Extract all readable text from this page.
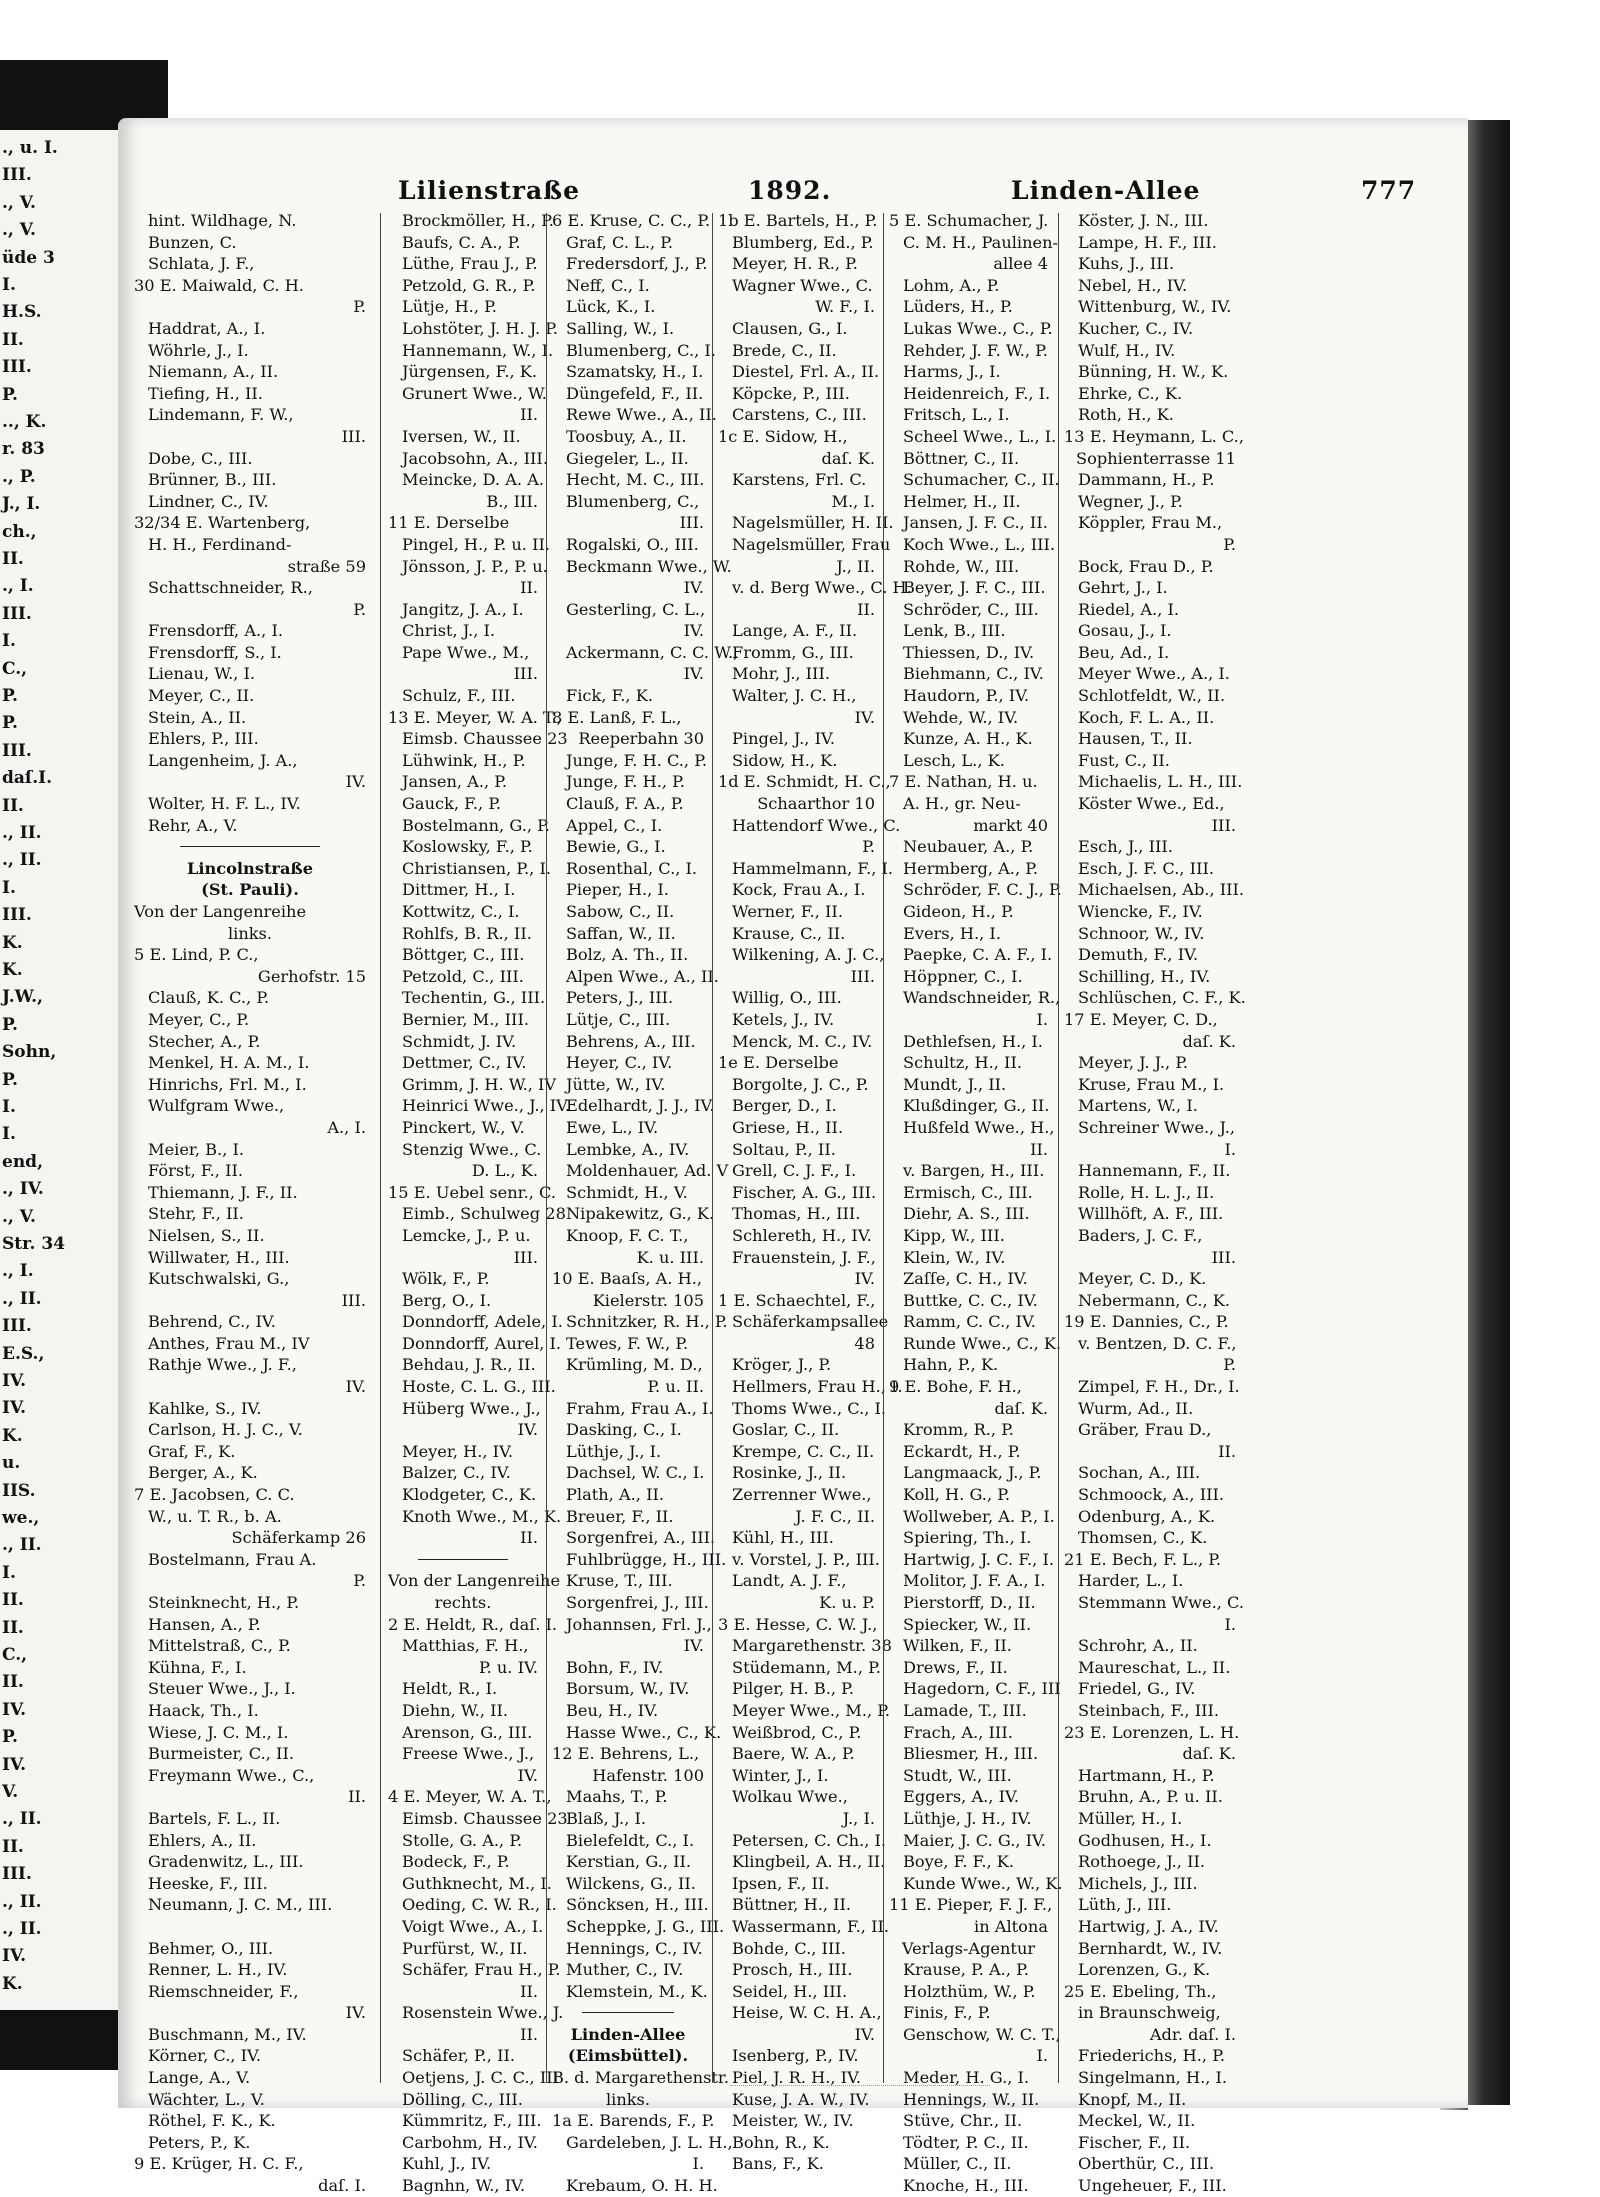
., u. I.
III.
., V.
., V.
üde 3
I.
H.S.
II.
III.
P.
.., K.
r. 83
., P.
J., I.
ch.,
II.
., I.
III.
I.
C.,
P.
P.
III.
daſ.I.
II.
., II.
., II.
I.
III.
K.
K.
J.W.,
P.
Sohn,
P.
I.
I.
end,
., IV.
., V.
Str. 34
., I.
., II.
III.
E.S.,
IV.
IV.
K.
u.
IIS.
we.,
., II.
I.
II.
II.
C.,
II.
IV.
P.
IV.
V.
., II.
II.
III.
., II.
., II.
IV.
K.
Lilienstraße	1892.	Linden-Allee	777
hint. Wildhage, N.
Bunzen, C.
Schlata, J. F.,
30 E. Maiwald, C. H.
P.
Haddrat, A., I.
Wöhrle, J., I.
Niemann, A., II.
Tiefing, H., II.
Lindemann, F. W.,
III.
Dobe, C., III.
Brünner, B., III.
Lindner, C., IV.
32/34 E. Wartenberg,
H. H., Ferdinand-
straße 59
Schattschneider, R.,
P.
Frensdorff, A., I.
Frensdorff, S., I.
Lienau, W., I.
Meyer, C., II.
Stein, A., II.
Ehlers, P., III.
Langenheim, J. A.,
IV.
Wolter, H. F. L., IV.
Rehr, A., V.
Lincolnstraße
(St. Pauli).
Von der Langenreihe
links.
5 E. Lind, P. C.,
Gerhofstr. 15
Clauß, K. C., P.
Meyer, C., P.
Stecher, A., P.
Menkel, H. A. M., I.
Hinrichs, Frl. M., I.
Wulfgram Wwe.,
A., I.
Meier, B., I.
Först, F., II.
Thiemann, J. F., II.
Stehr, F., II.
Nielsen, S., II.
Willwater, H., III.
Kutschwalski, G.,
III.
Behrend, C., IV.
Anthes, Frau M., IV
Rathje Wwe., J. F.,
IV.
Kahlke, S., IV.
Carlson, H. J. C., V.
Graf, F., K.
Berger, A., K.
7 E. Jacobsen, C. C.
W., u. T. R., b. A.
Schäferkamp 26
Bostelmann, Frau A.
P.
Steinknecht, H., P.
Hansen, A., P.
Mittelstraß, C., P.
Kühna, F., I.
Steuer Wwe., J., I.
Haack, Th., I.
Wiese, J. C. M., I.
Burmeister, C., II.
Freymann Wwe., C.,
II.
Bartels, F. L., II.
Ehlers, A., II.
Gradenwitz, L., III.
Heeske, F., III.
Neumann, J. C. M., III.
Behmer, O., III.
Renner, L. H., IV.
Riemschneider, F.,
IV.
Buschmann, M., IV.
Körner, C., IV.
Lange, A., V.
Wächter, L., V.
Röthel, F. K., K.
Peters, P., K.
9 E. Krüger, H. C. F.,
daſ. I.
Brockmöller, H., P.
Baufs, C. A., P.
Lüthe, Frau J., P.
Petzold, G. R., P.
Lütje, H., P.
Lohstöter, J. H. J. P.
Hannemann, W., I.
Jürgensen, F., K.
Grunert Wwe., W.
II.
Iversen, W., II.
Jacobsohn, A., III.
Meincke, D. A. A.
B., III.
11 E. Derselbe
Pingel, H., P. u. II.
Jönsson, J. P., P. u.
II.
Jangitz, J. A., I.
Christ, J., I.
Pape Wwe., M.,
III.
Schulz, F., III.
13 E. Meyer, W. A. T.,
Eimsb. Chaussee 23
Lühwink, H., P.
Jansen, A., P.
Gauck, F., P.
Bostelmann, G., P.
Koslowsky, F., P.
Christiansen, P., I.
Dittmer, H., I.
Kottwitz, C., I.
Rohlfs, B. R., II.
Böttger, C., III.
Petzold, C., III.
Techentin, G., III.
Bernier, M., III.
Schmidt, J. IV.
Dettmer, C., IV.
Grimm, J. H. W., IV
Heinrici Wwe., J., IV.
Pinckert, W., V.
Stenzig Wwe., C.
D. L., K.
15 E. Uebel senr., C.
Eimb., Schulweg 28
Lemcke, J., P. u.
III.
Wölk, F., P.
Berg, O., I.
Donndorff, Adele, I.
Donndorff, Aurel, I.
Behdau, J. R., II.
Hoste, C. L. G., III.
Hüberg Wwe., J.,
IV.
Meyer, H., IV.
Balzer, C., IV.
Klodgeter, C., K.
Knoth Wwe., M., K.
II.
Von der Langenreihe
rechts.
2 E. Heldt, R., daſ. I.
Matthias, F. H.,
P. u. IV.
Heldt, R., I.
Diehn, W., II.
Arenson, G., III.
Freese Wwe., J.,
IV.
4 E. Meyer, W. A. T.,
Eimsb. Chaussee 23
Stolle, G. A., P.
Bodeck, F., P.
Guthknecht, M., I.
Oeding, C. W. R., I.
Voigt Wwe., A., I.
Purfürst, W., II.
Schäfer, Frau H., P.
II.
Rosenstein Wwe., J.
II.
Schäfer, P., II.
Oetjens, J. C. C., III
Dölling, C., III.
Kümmritz, F., III.
Carbohm, H., IV.
Kuhl, J., IV.
Bagnhn, W., IV.
6 E. Kruse, C. C., P.
Graf, C. L., P.
Fredersdorf, J., P.
Neff, C., I.
Lück, K., I.
Salling, W., I.
Blumenberg, C., I.
Szamatsky, H., I.
Düngefeld, F., II.
Rewe Wwe., A., II.
Toosbuy, A., II.
Giegeler, L., II.
Hecht, M. C., III.
Blumenberg, C.,
III.
Rogalski, O., III.
Beckmann Wwe., W.
IV.
Gesterling, C. L.,
IV.
Ackermann, C. C. W.,
IV.
Fick, F., K.
8 E. Lanß, F. L.,
Reeperbahn 30
Junge, F. H. C., P.
Junge, F. H., P.
Clauß, F. A., P.
Appel, C., I.
Bewie, G., I.
Rosenthal, C., I.
Pieper, H., I.
Sabow, C., II.
Saffan, W., II.
Bolz, A. Th., II.
Alpen Wwe., A., II.
Peters, J., III.
Lütje, C., III.
Behrens, A., III.
Heyer, C., IV.
Jütte, W., IV.
Edelhardt, J. J., IV.
Ewe, L., IV.
Lembke, A., IV.
Moldenhauer, Ad. V
Schmidt, H., V.
Nipakewitz, G., K.
Knoop, F. C. T.,
K. u. III.
10 E. Baaſs, A. H.,
Kielerstr. 105
Schnitzker, R. H., P.
Tewes, F. W., P.
Krümling, M. D.,
P. u. II.
Frahm, Frau A., I.
Dasking, C., I.
Lüthje, J., I.
Dachsel, W. C., I.
Plath, A., II.
Breuer, F., II.
Sorgenfrei, A., III.
Fuhlbrügge, H., III.
Kruse, T., III.
Sorgenfrei, J., III.
Johannsen, Frl. J.,
IV.
Bohn, F., IV.
Borsum, W., IV.
Beu, H., IV.
Hasse Wwe., C., K.
12 E. Behrens, L.,
Hafenstr. 100
Maahs, T., P.
Blaß, J., I.
Bielefeldt, C., I.
Kerstian, G., II.
Wilckens, G., II.
Söncksen, H., III.
Scheppke, J. G., III.
Hennings, C., IV.
Muther, C., IV.
Klemstein, M., K.
Linden-Allee
(Eimsbüttel).
B. d. Margarethenstr.
links.
1a E. Barends, F., P.
Gardeleben, J. L. H.,
I.
Krebaum, O. H. H.
1b E. Bartels, H., P.
Blumberg, Ed., P.
Meyer, H. R., P.
Wagner Wwe., C.
W. F., I.
Clausen, G., I.
Brede, C., II.
Diestel, Frl. A., II.
Köpcke, P., III.
Carstens, C., III.
1c E. Sidow, H.,
daſ. K.
Karstens, Frl. C.
M., I.
Nagelsmüller, H. II.
Nagelsmüller, Frau
J., II.
v. d. Berg Wwe., C. H.
II.
Lange, A. F., II.
Fromm, G., III.
Mohr, J., III.
Walter, J. C. H.,
IV.
Pingel, J., IV.
Sidow, H., K.
1d E. Schmidt, H. C.,
Schaarthor 10
Hattendorf Wwe., C.
P.
Hammelmann, F., I.
Kock, Frau A., I.
Werner, F., II.
Krause, C., II.
Wilkening, A. J. C.,
III.
Willig, O., III.
Ketels, J., IV.
Menck, M. C., IV.
1e E. Derselbe
Borgolte, J. C., P.
Berger, D., I.
Griese, H., II.
Soltau, P., II.
Grell, C. J. F., I.
Fischer, A. G., III.
Thomas, H., III.
Schlereth, H., IV.
Frauenstein, J. F.,
IV.
1 E. Schaechtel, F.,
Schäferkampsallee
48
Kröger, J., P.
Hellmers, Frau H., I.
Thoms Wwe., C., I.
Goslar, C., II.
Krempe, C. C., II.
Rosinke, J., II.
Zerrenner Wwe.,
J. F. C., II.
Kühl, H., III.
v. Vorstel, J. P., III.
Landt, A. J. F.,
K. u. P.
3 E. Hesse, C. W. J.,
Margarethenstr. 38
Stüdemann, M., P.
Pilger, H. B., P.
Meyer Wwe., M., P.
Weißbrod, C., P.
Baere, W. A., P.
Winter, J., I.
Wolkau Wwe.,
J., I.
Petersen, C. Ch., I.
Klingbeil, A. H., II.
Ipsen, F., II.
Büttner, H., II.
Wassermann, F., II.
Bohde, C., III.
Prosch, H., III.
Seidel, H., III.
Heise, W. C. H. A.,
IV.
Isenberg, P., IV.
Piel, J. R. H., IV.
Kuse, J. A. W., IV.
Meister, W., IV.
Bohn, R., K.
Bans, F., K.
5 E. Schumacher, J.
C. M. H., Paulinen-
allee 4
Lohm, A., P.
Lüders, H., P.
Lukas Wwe., C., P.
Rehder, J. F. W., P.
Harms, J., I.
Heidenreich, F., I.
Fritsch, L., I.
Scheel Wwe., L., I.
Böttner, C., II.
Schumacher, C., II.
Helmer, H., II.
Jansen, J. F. C., II.
Koch Wwe., L., III.
Rohde, W., III.
Beyer, J. F. C., III.
Schröder, C., III.
Lenk, B., III.
Thiessen, D., IV.
Biehmann, C., IV.
Haudorn, P., IV.
Wehde, W., IV.
Kunze, A. H., K.
Lesch, L., K.
7 E. Nathan, H. u.
A. H., gr. Neu-
markt 40
Neubauer, A., P.
Hermberg, A., P.
Schröder, F. C. J., P.
Gideon, H., P.
Evers, H., I.
Paepke, C. A. F., I.
Höppner, C., I.
Wandschneider, R.,
I.
Dethlefsen, H., I.
Schultz, H., II.
Mundt, J., II.
Klußdinger, G., II.
Hußfeld Wwe., H.,
II.
v. Bargen, H., III.
Ermisch, C., III.
Diehr, A. S., III.
Kipp, W., III.
Klein, W., IV.
Zaſſe, C. H., IV.
Buttke, C. C., IV.
Ramm, C. C., IV.
Runde Wwe., C., K.
Hahn, P., K.
9 E. Bohe, F. H.,
daſ. K.
Kromm, R., P.
Eckardt, H., P.
Langmaack, J., P.
Koll, H. G., P.
Wollweber, A. P., I.
Spiering, Th., I.
Hartwig, J. C. F., I.
Molitor, J. F. A., I.
Pierstorff, D., II.
Spiecker, W., II.
Wilken, F., II.
Drews, F., II.
Hagedorn, C. F., III
Lamade, T., III.
Frach, A., III.
Bliesmer, H., III.
Studt, W., III.
Eggers, A., IV.
Lüthje, J. H., IV.
Maier, J. C. G., IV.
Boye, F. F., K.
Kunde Wwe., W., K.
11 E. Pieper, F. J. F.,
in Altona
Verlags-Agentur
Krause, P. A., P.
Holzthüm, W., P.
Finis, F., P.
Genschow, W. C. T.,
I.
Meder, H. G., I.
Hennings, W., II.
Stüve, Chr., II.
Tödter, P. C., II.
Müller, C., II.
Knoche, H., III.
Köster, J. N., III.
Lampe, H. F., III.
Kuhs, J., III.
Nebel, H., IV.
Wittenburg, W., IV.
Kucher, C., IV.
Wulf, H., IV.
Bünning, H. W., K.
Ehrke, C., K.
Roth, H., K.
13 E. Heymann, L. C.,
Sophienterrasse 11
Dammann, H., P.
Wegner, J., P.
Köppler, Frau M.,
P.
Bock, Frau D., P.
Gehrt, J., I.
Riedel, A., I.
Gosau, J., I.
Beu, Ad., I.
Meyer Wwe., A., I.
Schlotfeldt, W., II.
Koch, F. L. A., II.
Hausen, T., II.
Fust, C., II.
Michaelis, L. H., III.
Köster Wwe., Ed.,
III.
Esch, J., III.
Esch, J. F. C., III.
Michaelsen, Ab., III.
Wiencke, F., IV.
Schnoor, W., IV.
Demuth, F., IV.
Schilling, H., IV.
Schlüschen, C. F., K.
17 E. Meyer, C. D.,
daſ. K.
Meyer, J. J., P.
Kruse, Frau M., I.
Martens, W., I.
Schreiner Wwe., J.,
I.
Hannemann, F., II.
Rolle, H. L. J., II.
Willhöft, A. F., III.
Baders, J. C. F.,
III.
Meyer, C. D., K.
Nebermann, C., K.
19 E. Dannies, C., P.
v. Bentzen, D. C. F.,
P.
Zimpel, F. H., Dr., I.
Wurm, Ad., II.
Gräber, Frau D.,
II.
Sochan, A., III.
Schmoock, A., III.
Odenburg, A., K.
Thomsen, C., K.
21 E. Bech, F. L., P.
Harder, L., I.
Stemmann Wwe., C.
I.
Schrohr, A., II.
Maureschat, L., II.
Friedel, G., IV.
Steinbach, F., III.
23 E. Lorenzen, L. H.
daſ. K.
Hartmann, H., P.
Bruhn, A., P. u. II.
Müller, H., I.
Godhusen, H., I.
Rothoege, J., II.
Michels, J., III.
Lüth, J., III.
Hartwig, J. A., IV.
Bernhardt, W., IV.
Lorenzen, G., K.
25 E. Ebeling, Th.,
in Braunschweig,
Adr. daſ. I.
Friederichs, H., P.
Singelmann, H., I.
Knopf, M., II.
Meckel, W., II.
Fischer, F., II.
Oberthür, C., III.
Ungeheuer, F., III.
